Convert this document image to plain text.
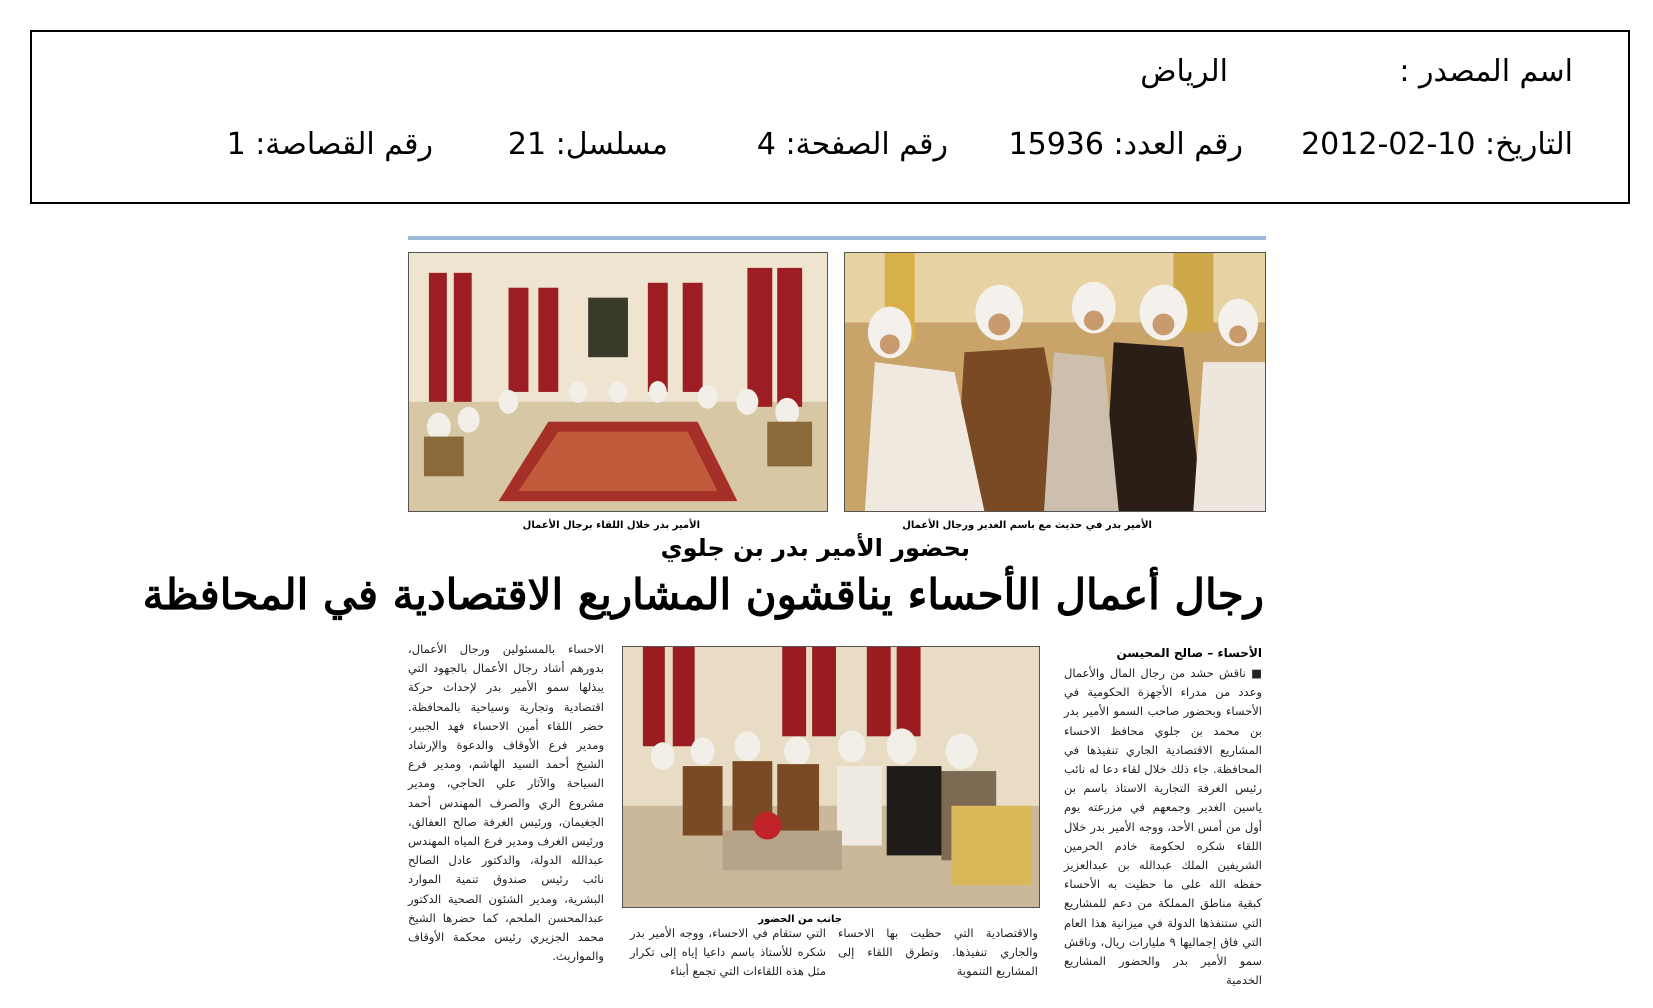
اسم المصدر :
الرياض
التاريخ: 10-02-2012
رقم العدد: 15936
رقم الصفحة: 4
مسلسل: 21
رقم القصاصة: 1
الأمير بدر في حديث مع باسم الغدير ورجال الأعمال
الأمير بدر خلال اللقاء برجال الأعمال
بحضور الأمير بدر بن جلوي
رجال أعمال الأحساء يناقشون المشاريع الاقتصادية في المحافظة
الأحساء – صالح المحيسن

■ ناقش حشد من رجال المال والأعمال وعدد من مدراء الأجهزة الحكومية في الأحساء وبحضور صاحب السمو الأمير بدر بن محمد بن جلوي محافظ الاحساء المشاريع الاقتصادية الجاري تنفيذها في المحافظة. جاء ذلك خلال لقاء دعا له نائب رئيس الغرفة التجارية الاستاذ باسم بن ياسين الغدير وجمعهم في مزرعته يوم أول من أمس الأحد، ووجه الأمير بدر خلال اللقاء شكره لحكومة خادم الحرمين الشريفين الملك عبدالله بن عبدالعزيز حفظه الله على ما حظيت به الأحساء كبقية مناطق المملكة من دعم للمشاريع التي ستنفذها الدولة في ميزانية هذا العام التي فاق إجماليها ٩ مليارات ريال، وناقش سمو الأمير بدر والحضور المشاريع الخدمية

جانب من الحضور

والاقتصادية التي حظيت بها الاحساء والجاري تنفيذها. وتطرق اللقاء إلى المشاريع التنموية

التي ستقام في الاحساء، ووجه الأمير بدر شكره للأستاذ باسم داعيا إياه إلى تكرار مثل هذه اللقاءات التي تجمع أبناء

الاحساء بالمسئولين ورجال الأعمال، بدورهم أشاد رجال الأعمال بالجهود التي يبذلها سمو الأمير بدر لإحداث حركة اقتصادية وتجارية وسياحية بالمحافظة. حضر اللقاء أمين الاحساء فهد الجبير، ومدير فرع الأوقاف والدعوة والإرشاد الشيخ أحمد السيد الهاشم، ومدير فرع السياحة والآثار علي الحاجي، ومدير مشروع الري والصرف المهندس أحمد الجغيمان، ورئيس الغرفة صالح العفالق، ورئيس الغرف ومدير فرع المياه المهندس عبدالله الدولة، والدكتور عادل الصالح نائب رئيس صندوق تنمية الموارد البشرية، ومدير الشئون الصحية الدكتور عبدالمحسن الملحم، كما حضرها الشيخ محمد الجزيري رئيس محكمة الأوقاف والمواريث.
